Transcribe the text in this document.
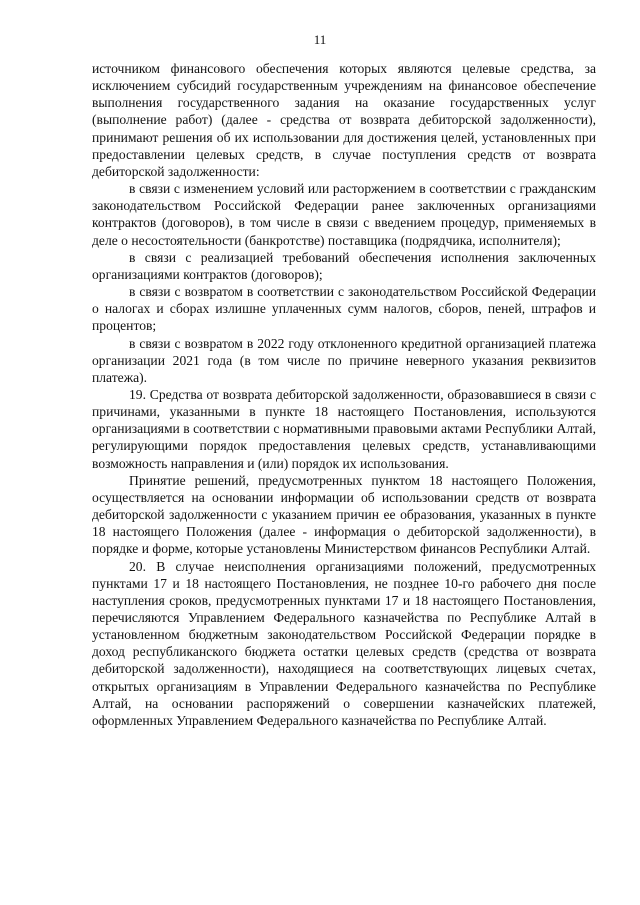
11

источником финансового обеспечения которых являются целевые средства, за исключением субсидий государственным учреждениям на финансовое обеспечение выполнения государственного задания на оказание государственных услуг (выполнение работ) (далее - средства от возврата дебиторской задолженности), принимают решения об их использовании для достижения целей, установленных при предоставлении целевых средств, в случае поступления средств от возврата дебиторской задолженности:

в связи с изменением условий или расторжением в соответствии с гражданским законодательством Российской Федерации ранее заключенных организациями контрактов (договоров), в том числе в связи с введением процедур, применяемых в деле о несостоятельности (банкротстве) поставщика (подрядчика, исполнителя);

в связи с реализацией требований обеспечения исполнения заключенных организациями контрактов (договоров);

в связи с возвратом в соответствии с законодательством Российской Федерации о налогах и сборах излишне уплаченных сумм налогов, сборов, пеней, штрафов и процентов;

в связи с возвратом в 2022 году отклоненного кредитной организацией платежа организации 2021 года (в том числе по причине неверного указания реквизитов платежа).

19. Средства от возврата дебиторской задолженности, образовавшиеся в связи с причинами, указанными в пункте 18 настоящего Постановления, используются организациями в соответствии с нормативными правовыми актами Республики Алтай, регулирующими порядок предоставления целевых средств, устанавливающими возможность направления и (или) порядок их использования.

Принятие решений, предусмотренных пунктом 18 настоящего Положения, осуществляется на основании информации об использовании средств от возврата дебиторской задолженности с указанием причин ее образования, указанных в пункте 18 настоящего Положения (далее - информация о дебиторской задолженности), в порядке и форме, которые установлены Министерством финансов Республики Алтай.

20. В случае неисполнения организациями положений, предусмотренных пунктами 17 и 18 настоящего Постановления, не позднее 10-го рабочего дня после наступления сроков, предусмотренных пунктами 17 и 18 настоящего Постановления, перечисляются Управлением Федерального казначейства по Республике Алтай в установленном бюджетным законодательством Российской Федерации порядке в доход республиканского бюджета остатки целевых средств (средства от возврата дебиторской задолженности), находящиеся на соответствующих лицевых счетах, открытых организациям в Управлении Федерального казначейства по Республике Алтай, на основании распоряжений о совершении казначейских платежей, оформленных Управлением Федерального казначейства по Республике Алтай.
